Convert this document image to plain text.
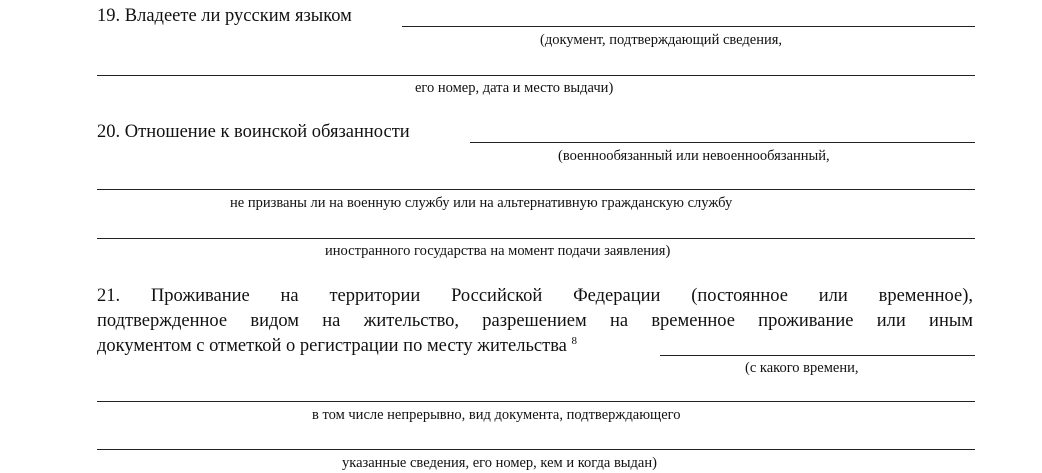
19. Владеете ли русским языком
(документ, подтверждающий сведения,
его номер, дата и место выдачи)
20. Отношение к воинской обязанности
(военнообязанный или невоеннообязанный,
не призваны ли на военную службу или на альтернативную гражданскую службу
иностранного государства на момент подачи заявления)
21. Проживание на территории Российской Федерации (постоянное или временное),
подтвержденное видом на жительство, разрешением на временное проживание или иным
документом с отметкой о регистрации по месту жительства $^8$
(с какого времени,
в том числе непрерывно, вид документа, подтверждающего
указанные сведения, его номер, кем и когда выдан)
